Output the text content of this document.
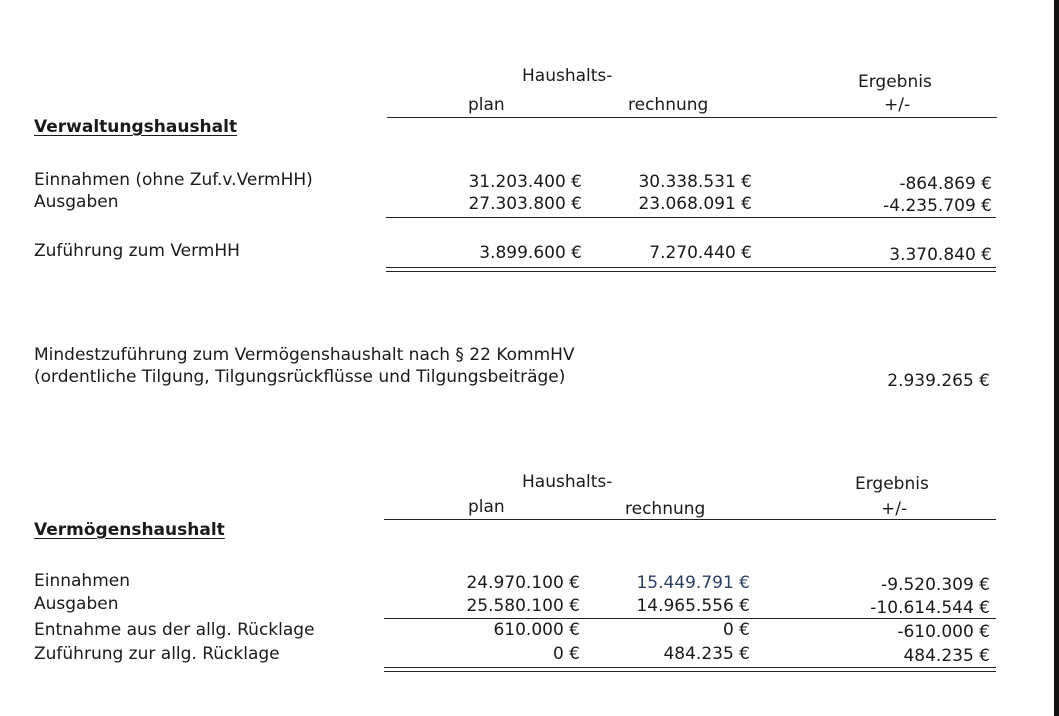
Haushalts-	Ergebnis
plan	rechnung	+/-
Verwaltungshaushalt
Einnahmen (ohne Zuf.v.VermHH)	31.203.400 €	30.338.531 €	-864.869 €
Ausgaben	27.303.800 €	23.068.091 €	-4.235.709 €
Zuführung zum VermHH	3.899.600 €	7.270.440 €	3.370.840 €
Mindestzuführung zum Vermögenshaushalt nach § 22 KommHV
(ordentliche Tilgung, Tilgungsrückflüsse und Tilgungsbeiträge)	2.939.265 €
Haushalts-	Ergebnis
plan	rechnung	+/-
Vermögenshaushalt
Einnahmen	24.970.100 €	15.449.791 €	-9.520.309 €
Ausgaben	25.580.100 €	14.965.556 €	-10.614.544 €
Entnahme aus der allg. Rücklage	610.000 €	0 €	-610.000 €
Zuführung zur allg. Rücklage	0 €	484.235 €	484.235 €
